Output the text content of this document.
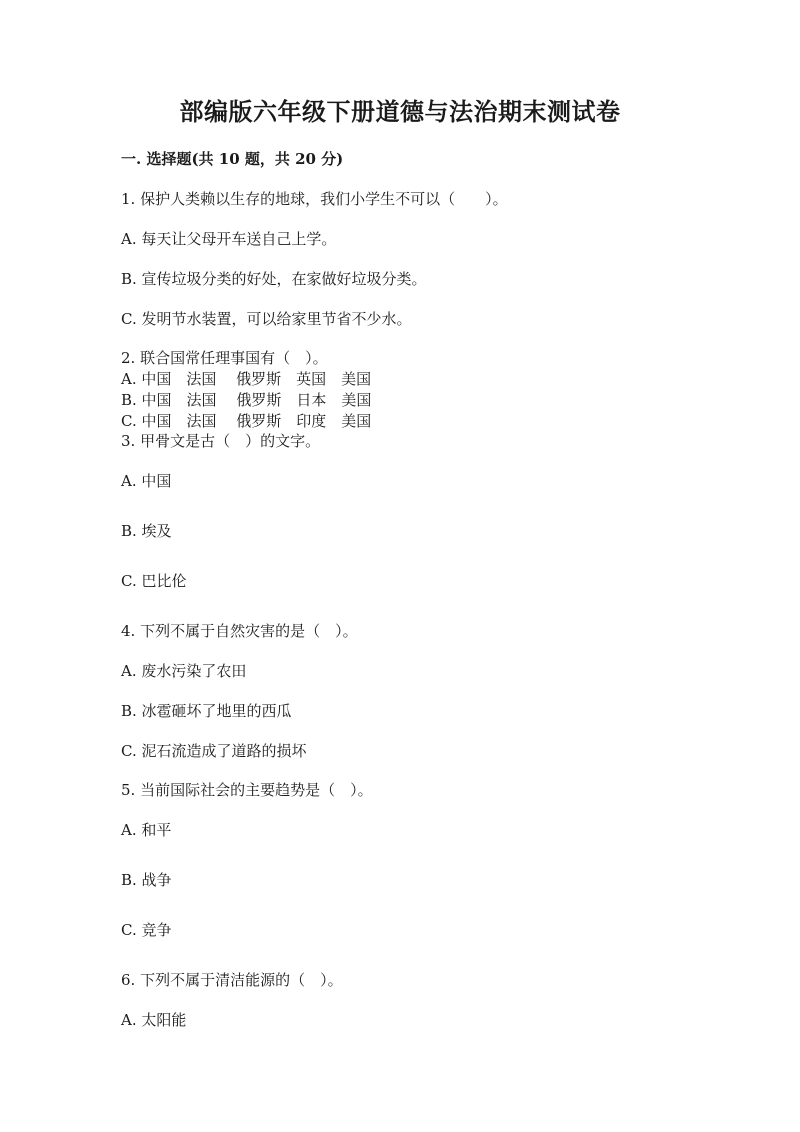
部编版六年级下册道德与法治期末测试卷
一. 选择题(共 10 题，共 20 分)
1. 保护人类赖以生存的地球，我们小学生不可以（　　）。
A. 每天让父母开车送自己上学。
B. 宣传垃圾分类的好处，在家做好垃圾分类。
C. 发明节水装置，可以给家里节省不少水。
2. 联合国常任理事国有（　）。
A. 中国　法国　 俄罗斯　英国　美国
B. 中国　法国　 俄罗斯　日本　美国
C. 中国　法国　 俄罗斯　印度　美国
3. 甲骨文是古（　）的文字。
A. 中国
B. 埃及
C. 巴比伦
4. 下列不属于自然灾害的是（　）。
A. 废水污染了农田
B. 冰雹砸坏了地里的西瓜
C. 泥石流造成了道路的损坏
5. 当前国际社会的主要趋势是（　）。
A. 和平
B. 战争
C. 竞争
6. 下列不属于清洁能源的（　）。
A. 太阳能
